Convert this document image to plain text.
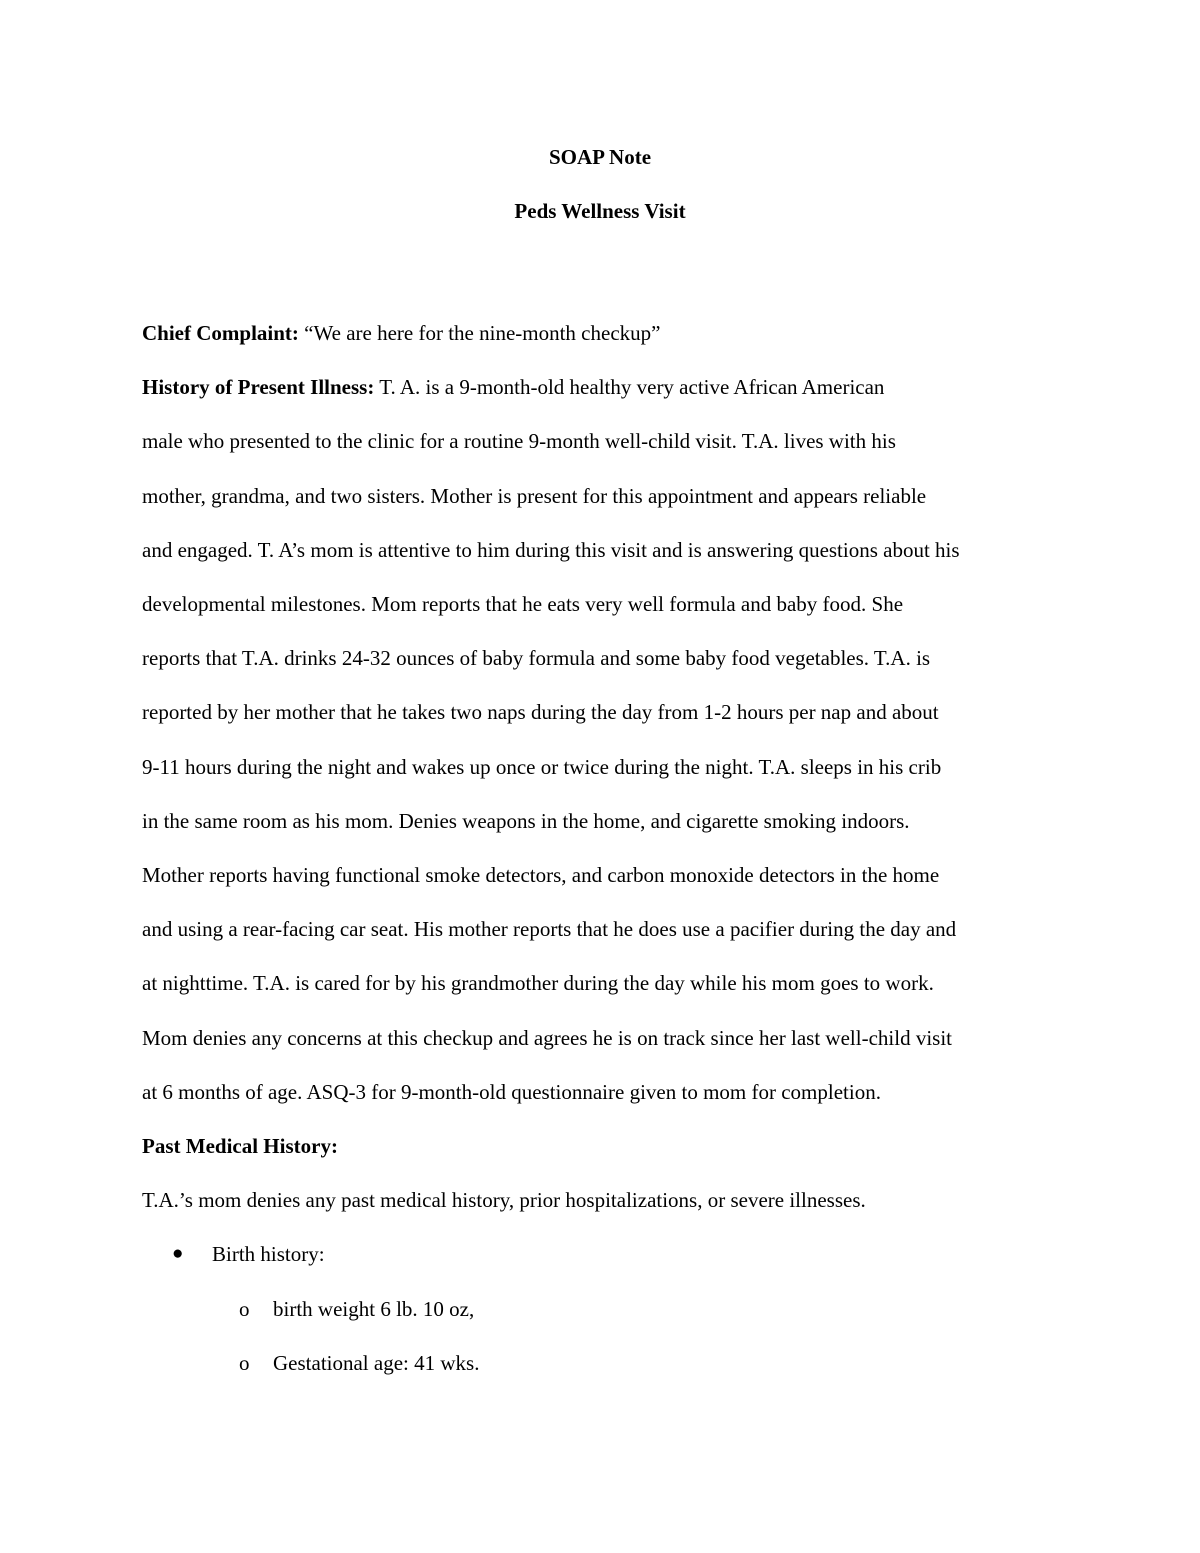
SOAP Note
Peds Wellness Visit

Chief Complaint: “We are here for the nine-month checkup”

History of Present Illness: T. A. is a 9-month-old healthy very active African American
male who presented to the clinic for a routine 9-month well-child visit. T.A. lives with his
mother, grandma, and two sisters. Mother is present for this appointment and appears reliable
and engaged. T. A’s mom is attentive to him during this visit and is answering questions about his
developmental milestones. Mom reports that he eats very well formula and baby food. She
reports that T.A. drinks 24-32 ounces of baby formula and some baby food vegetables. T.A. is
reported by her mother that he takes two naps during the day from 1-2 hours per nap and about
9-11 hours during the night and wakes up once or twice during the night. T.A. sleeps in his crib
in the same room as his mom. Denies weapons in the home, and cigarette smoking indoors.
Mother reports having functional smoke detectors, and carbon monoxide detectors in the home
and using a rear-facing car seat. His mother reports that he does use a pacifier during the day and
at nighttime. T.A. is cared for by his grandmother during the day while his mom goes to work.
Mom denies any concerns at this checkup and agrees he is on track since her last well-child visit
at 6 months of age. ASQ-3 for 9-month-old questionnaire given to mom for completion.

Past Medical History:

T.A.’s mom denies any past medical history, prior hospitalizations, or severe illnesses.

● Birth history:
o birth weight 6 lb. 10 oz,
o Gestational age: 41 wks.
